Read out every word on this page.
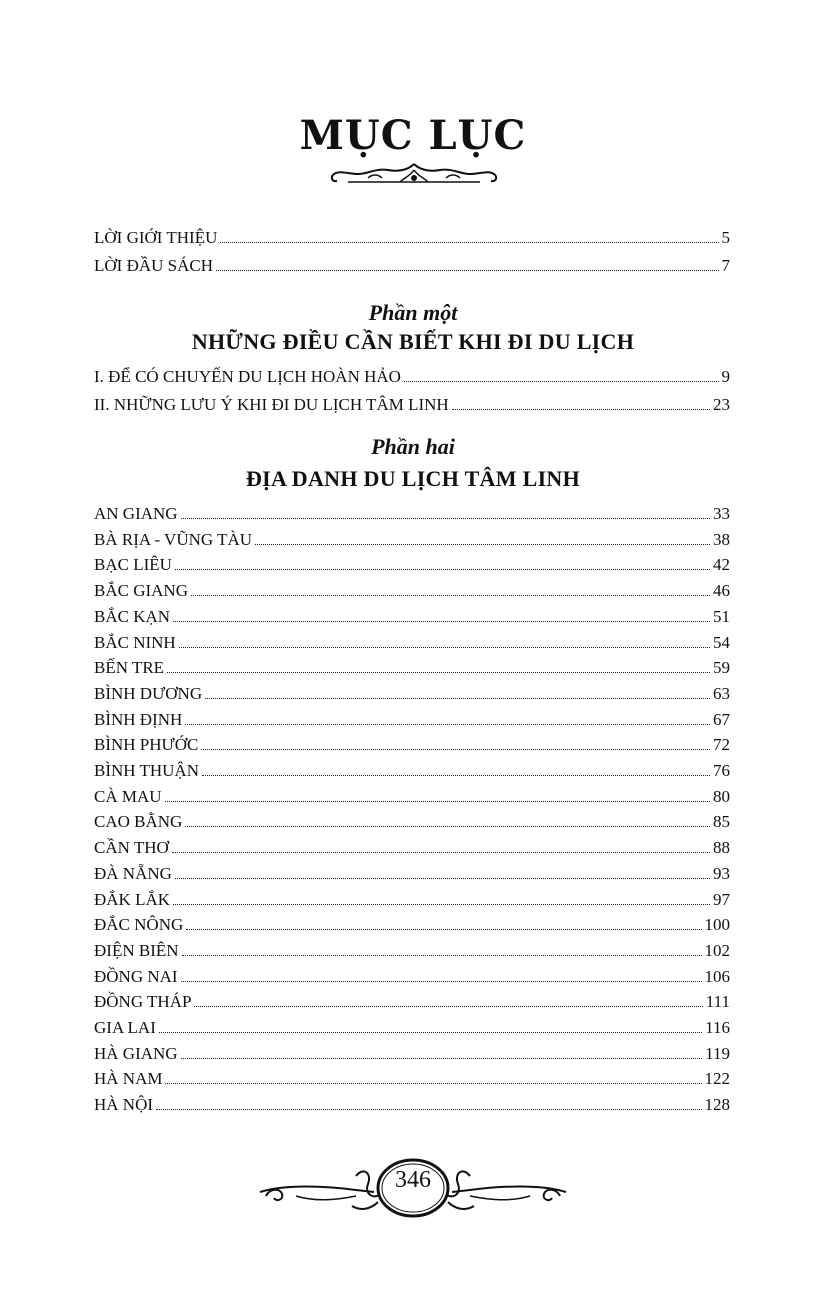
MỤC LỤC
LỜI GIỚI THIỆU	5
LỜI ĐẦU SÁCH	7
Phần một
NHỮNG ĐIỀU CẦN BIẾT KHI ĐI DU LỊCH
I. ĐỂ CÓ CHUYẾN DU LỊCH HOÀN HẢO	9
II. NHỮNG LƯU Ý KHI ĐI DU LỊCH TÂM LINH	23
Phần hai
ĐỊA DANH DU LỊCH TÂM LINH
AN GIANG	33
BÀ RỊA - VŨNG TÀU	38
BẠC LIÊU	42
BẮC GIANG	46
BẮC KẠN	51
BẮC NINH	54
BẾN TRE	59
BÌNH DƯƠNG	63
BÌNH ĐỊNH	67
BÌNH PHƯỚC	72
BÌNH THUẬN	76
CÀ MAU	80
CAO BẰNG	85
CẦN THƠ	88
ĐÀ NẴNG	93
ĐẮK LẮK	97
ĐẮC NÔNG	100
ĐIỆN BIÊN	102
ĐỒNG NAI	106
ĐỒNG THÁP	111
GIA LAI	116
HÀ GIANG	119
HÀ NAM	122
HÀ NỘI	128
346
